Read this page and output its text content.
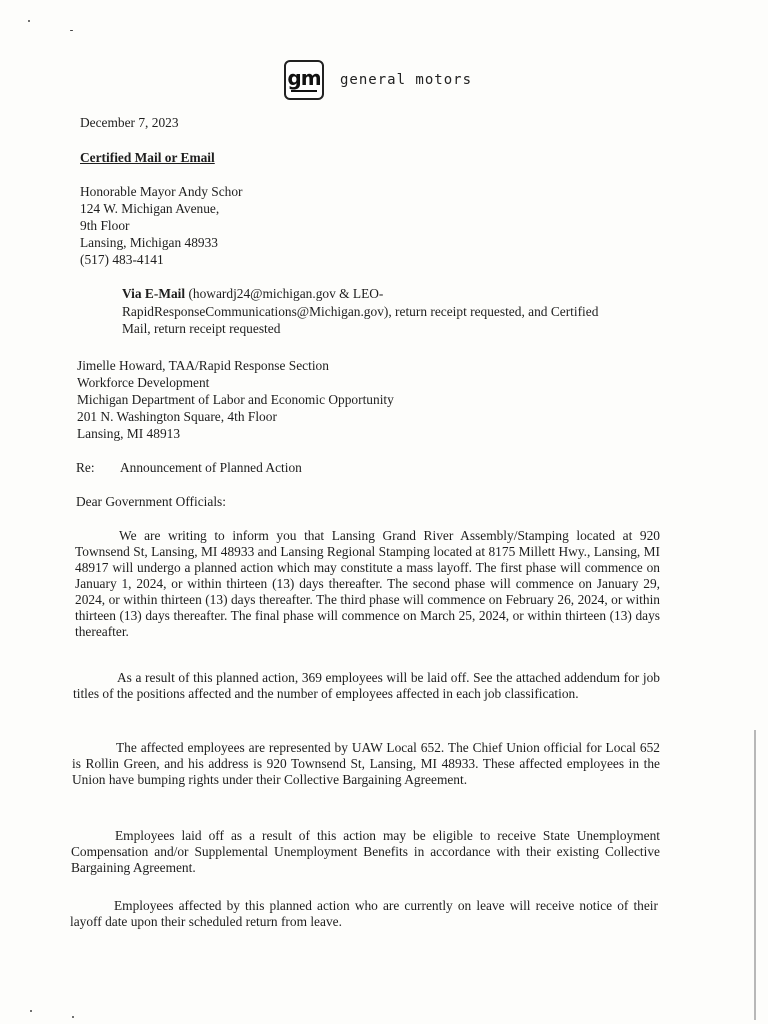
gm general motors
December 7, 2023
Certified Mail or Email
Honorable Mayor Andy Schor
124 W. Michigan Avenue,
9th Floor
Lansing, Michigan 48933
(517) 483-4141
Via E-Mail (howardj24@michigan.gov & LEO-
RapidResponseCommunications@Michigan.gov), return receipt requested, and Certified
Mail, return receipt requested
Jimelle Howard, TAA/Rapid Response Section
Workforce Development
Michigan Department of Labor and Economic Opportunity
201 N. Washington Square, 4th Floor
Lansing, MI 48913
Re: Announcement of Planned Action
Dear Government Officials:
We are writing to inform you that Lansing Grand River Assembly/Stamping located at 920 Townsend St, Lansing, MI 48933 and Lansing Regional Stamping located at 8175 Millett Hwy., Lansing, MI 48917 will undergo a planned action which may constitute a mass layoff. The first phase will commence on January 1, 2024, or within thirteen (13) days thereafter. The second phase will commence on January 29, 2024, or within thirteen (13) days thereafter. The third phase will commence on February 26, 2024, or within thirteen (13) days thereafter. The final phase will commence on March 25, 2024, or within thirteen (13) days thereafter.
As a result of this planned action, 369 employees will be laid off. See the attached addendum for job titles of the positions affected and the number of employees affected in each job classification.
The affected employees are represented by UAW Local 652. The Chief Union official for Local 652 is Rollin Green, and his address is 920 Townsend St, Lansing, MI 48933. These affected employees in the Union have bumping rights under their Collective Bargaining Agreement.
Employees laid off as a result of this action may be eligible to receive State Unemployment Compensation and/or Supplemental Unemployment Benefits in accordance with their existing Collective Bargaining Agreement.
Employees affected by this planned action who are currently on leave will receive notice of their layoff date upon their scheduled return from leave.
